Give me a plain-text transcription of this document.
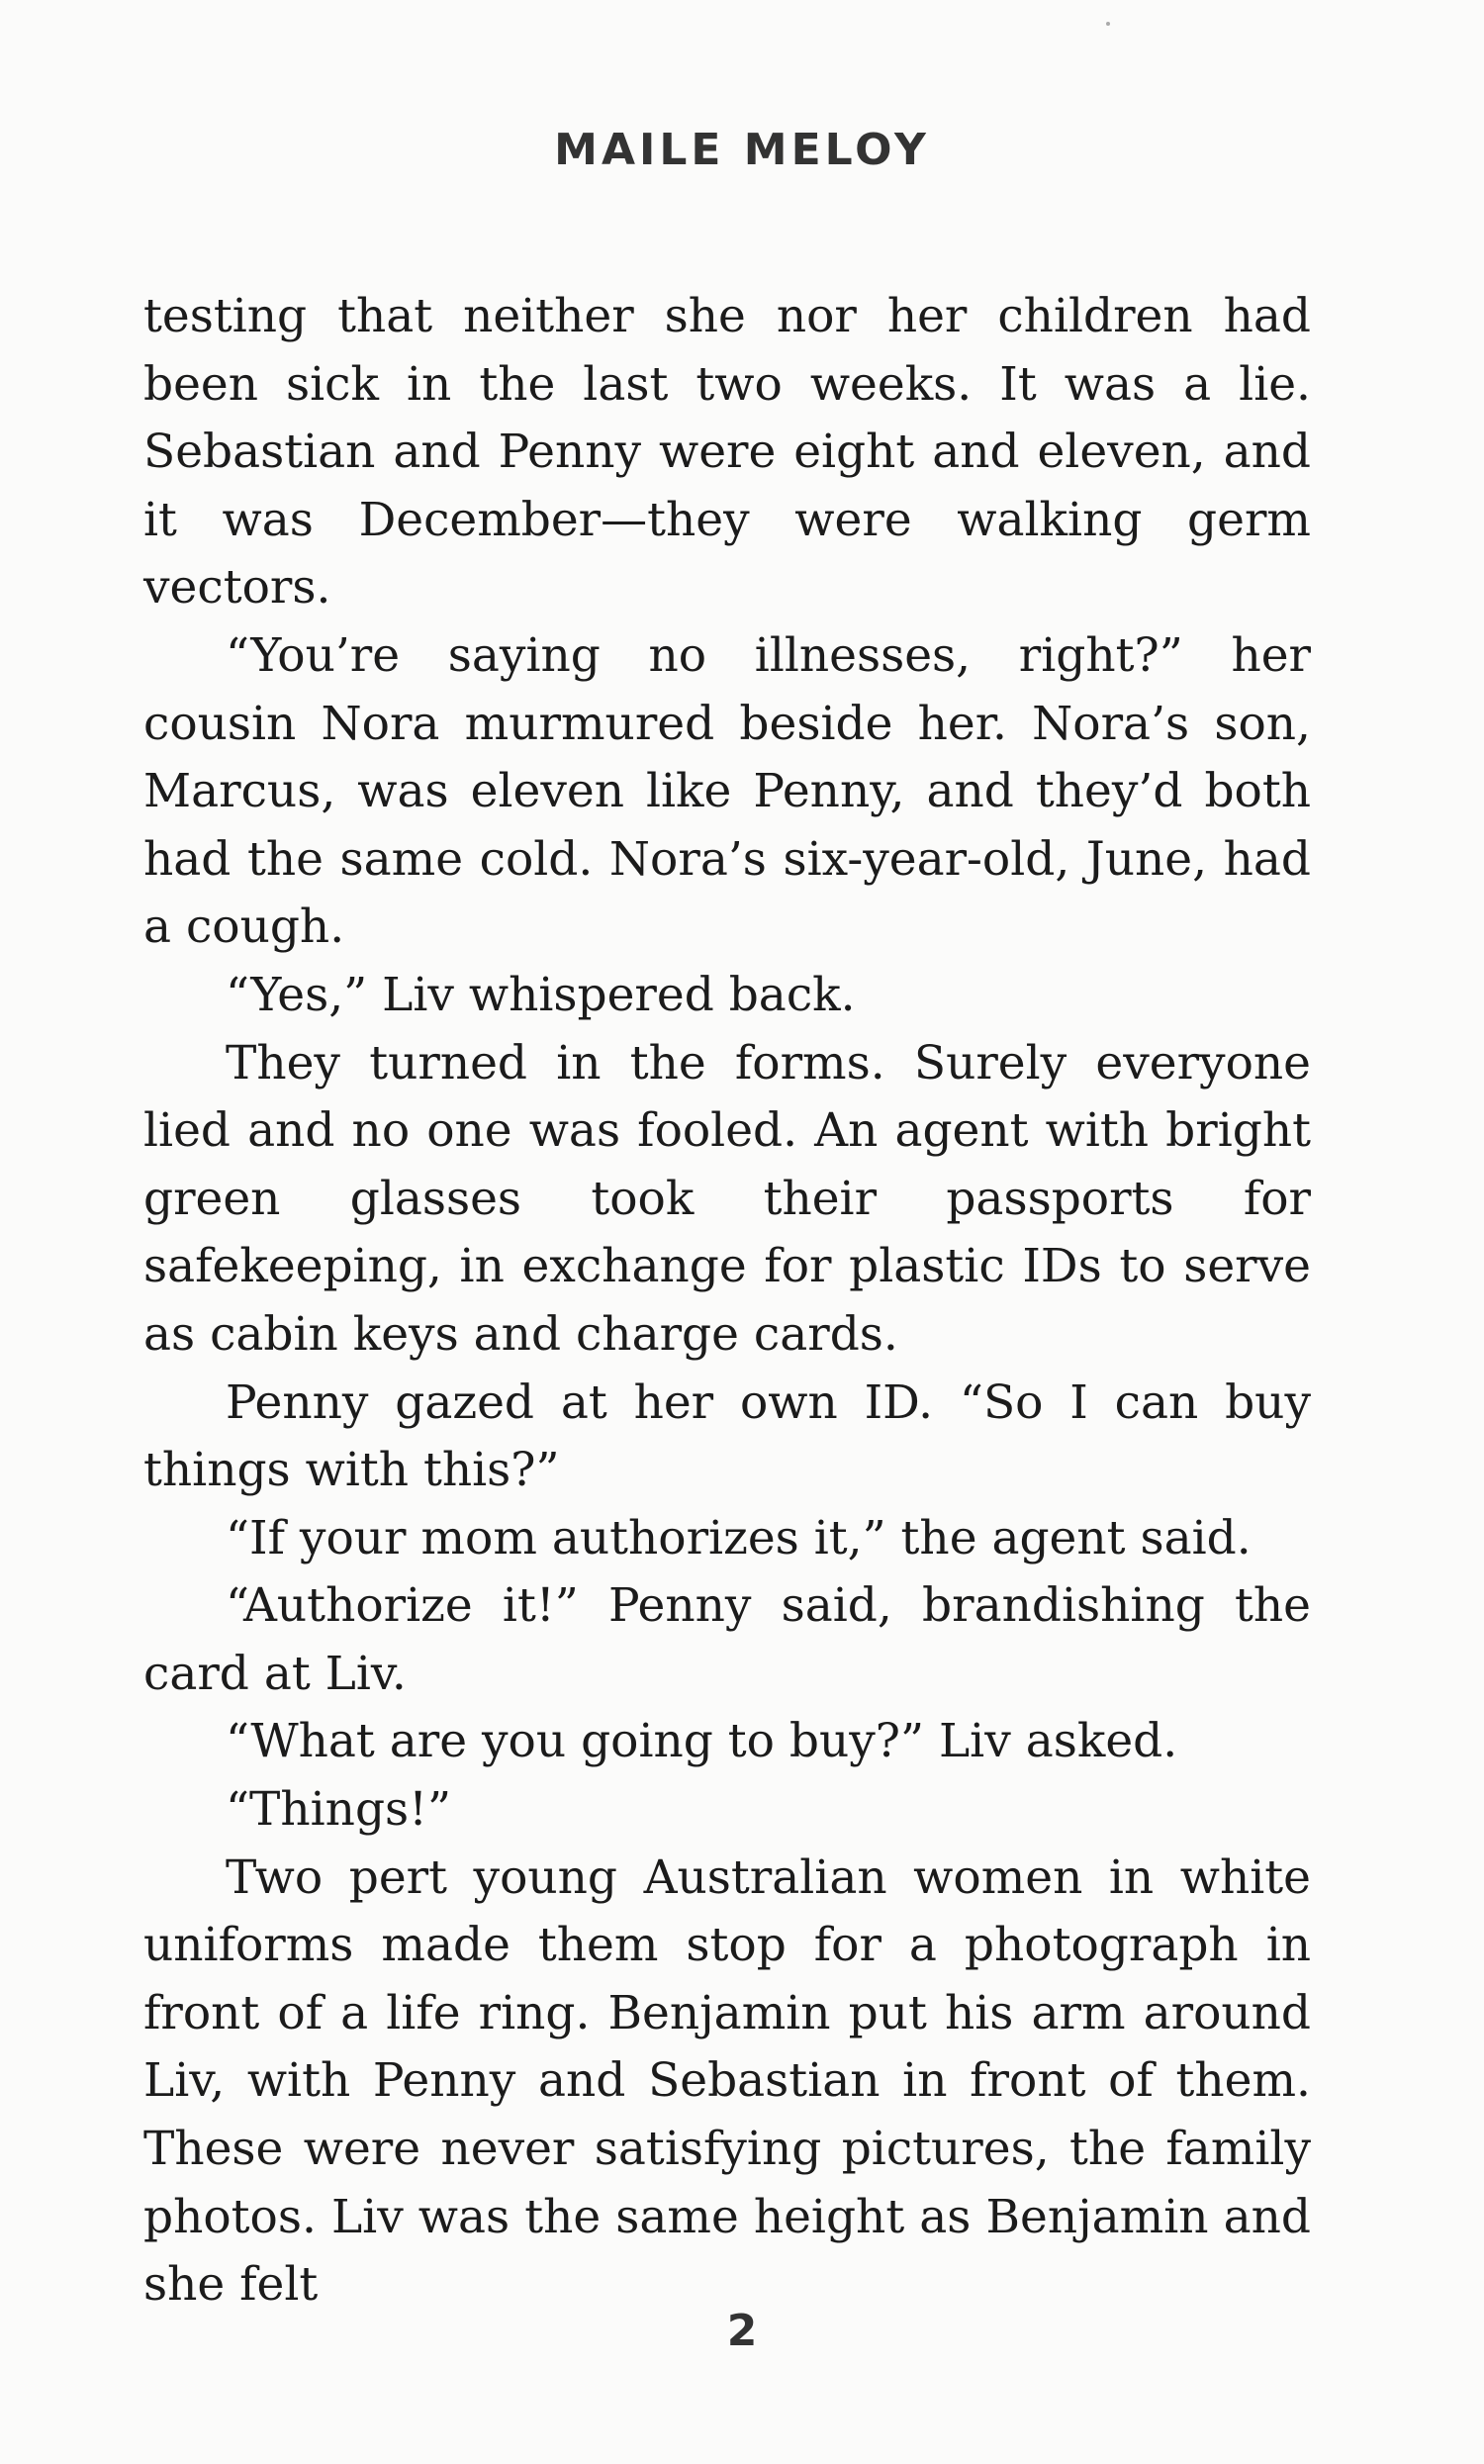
MAILE MELOY

testing that neither she nor her children had been sick in the last two weeks. It was a lie. Sebastian and Penny were eight and eleven, and it was December—they were walking germ vectors.

“You’re saying no illnesses, right?” her cousin Nora murmured beside her. Nora’s son, Marcus, was eleven like Penny, and they’d both had the same cold. Nora’s six-year-old, June, had a cough.

“Yes,” Liv whispered back.

They turned in the forms. Surely everyone lied and no one was fooled. An agent with bright green glasses took their passports for safekeeping, in exchange for plastic IDs to serve as cabin keys and charge cards.

Penny gazed at her own ID. “So I can buy things with this?”

“If your mom authorizes it,” the agent said.

“Authorize it!” Penny said, brandishing the card at Liv.

“What are you going to buy?” Liv asked.

“Things!”

Two pert young Australian women in white uniforms made them stop for a photograph in front of a life ring. Benjamin put his arm around Liv, with Penny and Sebastian in front of them. These were never satisfying pictures, the family photos. Liv was the same height as Benjamin and she felt

2
